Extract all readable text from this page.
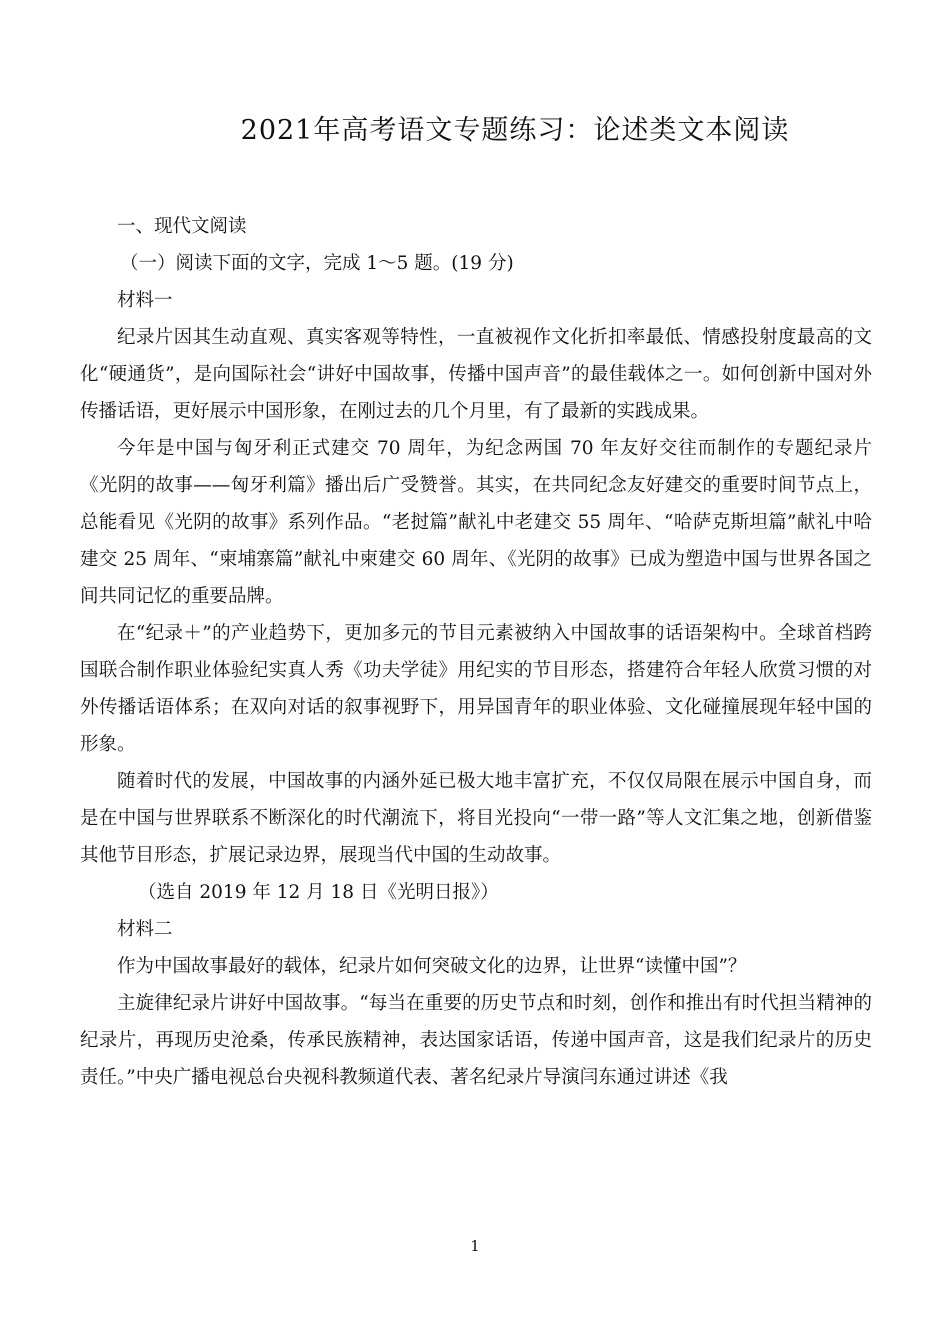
2021年高考语文专题练习：论述类文本阅读

一、现代文阅读

（一）阅读下面的文字，完成 1～5 题。(19 分)

材料一

纪录片因其生动直观、真实客观等特性，一直被视作文化折扣率最低、情感投射度最高的文化“硬通货”，是向国际社会“讲好中国故事，传播中国声音”的最佳载体之一。如何创新中国对外传播话语，更好展示中国形象，在刚过去的几个月里，有了最新的实践成果。

今年是中国与匈牙利正式建交 70 周年，为纪念两国 70 年友好交往而制作的专题纪录片《光阴的故事——匈牙利篇》播出后广受赞誉。其实，在共同纪念友好建交的重要时间节点上，总能看见《光阴的故事》系列作品。“老挝篇”献礼中老建交 55 周年、“哈萨克斯坦篇”献礼中哈建交 25 周年、“柬埔寨篇”献礼中柬建交 60 周年、《光阴的故事》已成为塑造中国与世界各国之间共同记忆的重要品牌。

在“纪录＋”的产业趋势下，更加多元的节目元素被纳入中国故事的话语架构中。全球首档跨国联合制作职业体验纪实真人秀《功夫学徒》用纪实的节目形态，搭建符合年轻人欣赏习惯的对外传播话语体系；在双向对话的叙事视野下，用异国青年的职业体验、文化碰撞展现年轻中国的形象。

随着时代的发展，中国故事的内涵外延已极大地丰富扩充，不仅仅局限在展示中国自身，而是在中国与世界联系不断深化的时代潮流下，将目光投向“一带一路”等人文汇集之地，创新借鉴其他节目形态，扩展记录边界，展现当代中国的生动故事。

（选自 2019 年 12 月 18 日《光明日报》）

材料二

作为中国故事最好的载体，纪录片如何突破文化的边界，让世界“读懂中国”？

主旋律纪录片讲好中国故事。“每当在重要的历史节点和时刻，创作和推出有时代担当精神的纪录片，再现历史沧桑，传承民族精神，表达国家话语，传递中国声音，这是我们纪录片的历史责任。”中央广播电视总台央视科教频道代表、著名纪录片导演闫东通过讲述《我

1
